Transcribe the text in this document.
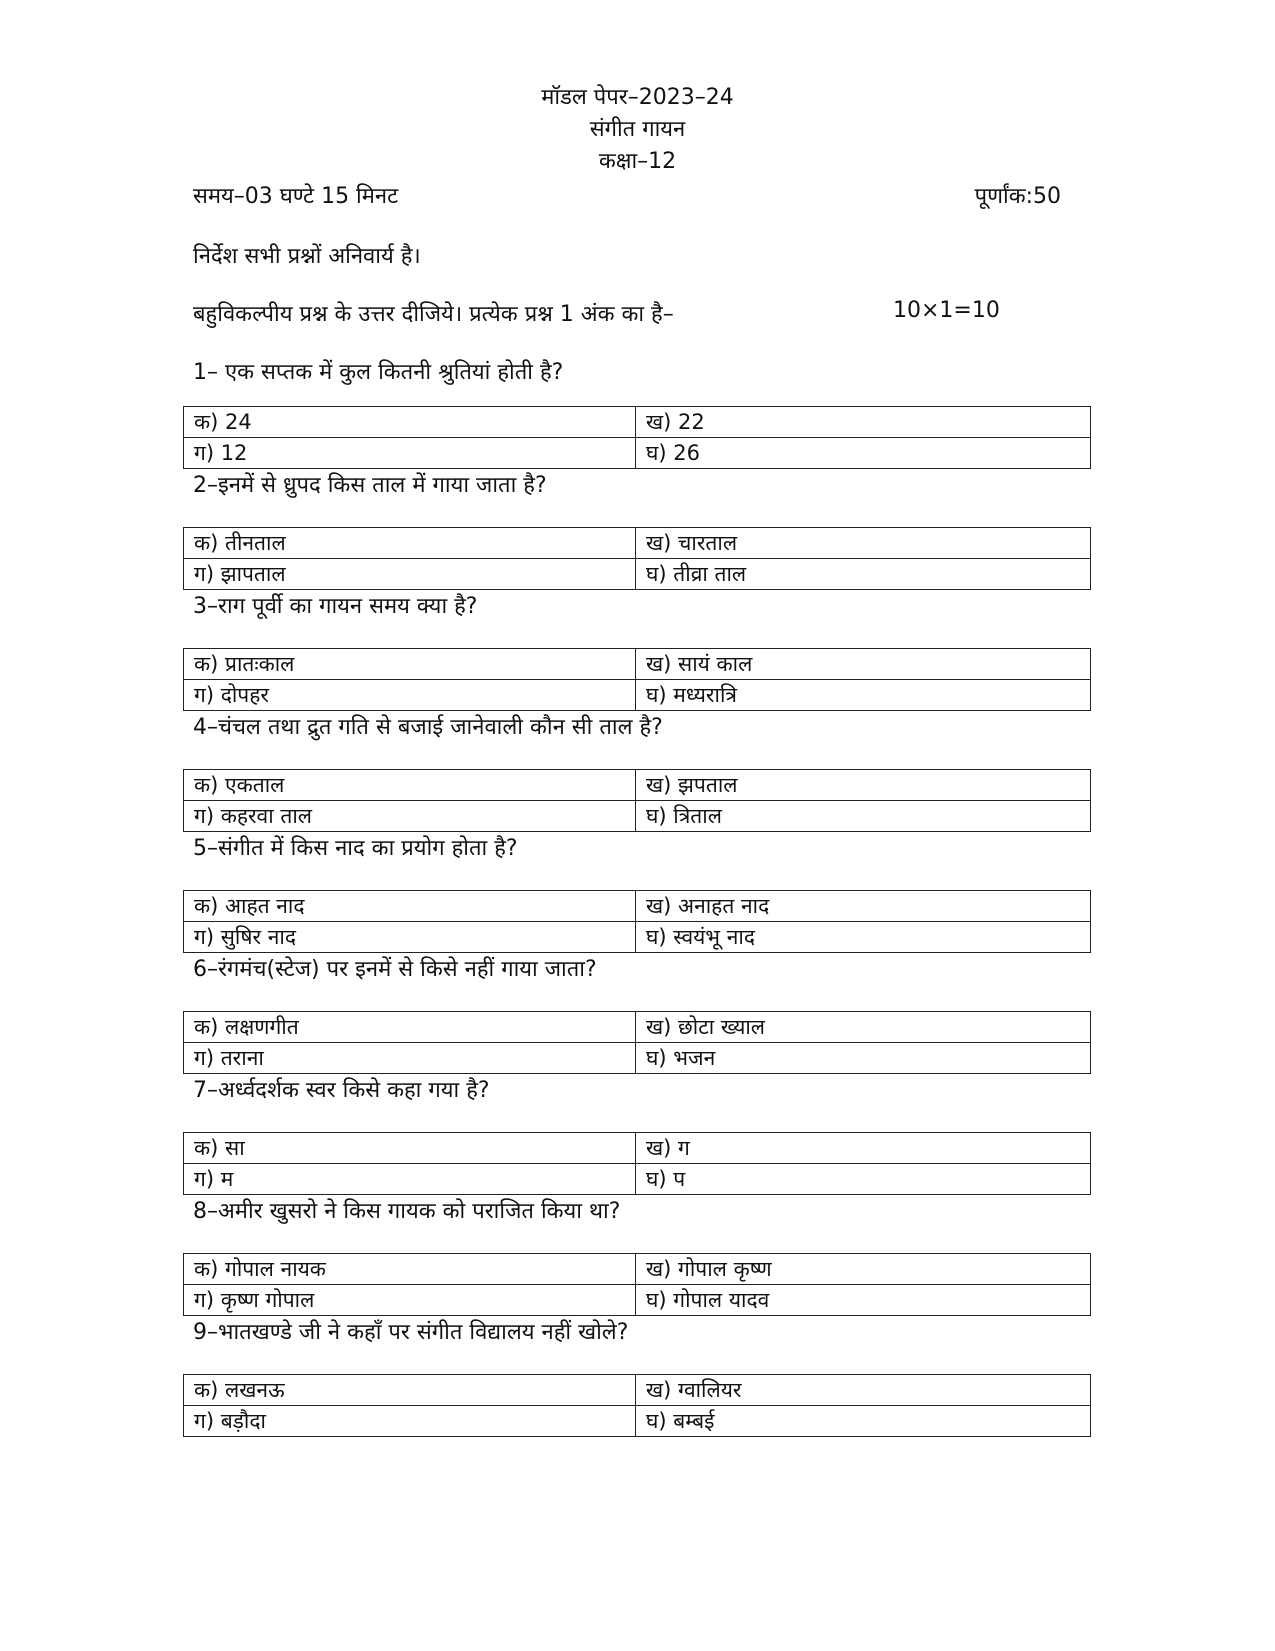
मॉडल पेपर–2023–24
संगीत गायन
कक्षा–12
समय–03 घण्टे 15 मिनट	पूर्णांक:50
निर्देश सभी प्रश्नों अनिवार्य है।
बहुविकल्पीय प्रश्न के उत्तर दीजिये। प्रत्येक प्रश्न 1 अंक का है–	10×1=10
1– एक सप्तक में कुल कितनी श्रुतियां होती है?
क) 24	ख) 22
ग) 12	घ) 26
2–इनमें से ध्रुपद किस ताल में गाया जाता है?
क) तीनताल	ख) चारताल
ग) झापताल	घ) तीव्रा ताल
3–राग पूर्वी का गायन समय क्या है?
क) प्रातःकाल	ख) सायं काल
ग) दोपहर	घ) मध्यरात्रि
4–चंचल तथा द्रुत गति से बजाई जानेवाली कौन सी ताल है?
क) एकताल	ख) झपताल
ग) कहरवा ताल	घ) त्रिताल
5–संगीत में किस नाद का प्रयोग होता है?
क) आहत नाद	ख) अनाहत नाद
ग) सुषिर नाद	घ) स्वयंभू नाद
6–रंगमंच(स्टेज) पर इनमें से किसे नहीं गाया जाता?
क) लक्षणगीत	ख) छोटा ख्याल
ग) तराना	घ) भजन
7–अर्ध्वदर्शक स्वर किसे कहा गया है?
क) सा	ख) ग
ग) म	घ) प
8–अमीर खुसरो ने किस गायक को पराजित किया था?
क) गोपाल नायक	ख) गोपाल कृष्ण
ग) कृष्ण गोपाल	घ) गोपाल यादव
9–भातखण्डे जी ने कहाँ पर संगीत विद्यालय नहीं खोले?
क) लखनऊ	ख) ग्वालियर
ग) बड़ौदा	घ) बम्बई
